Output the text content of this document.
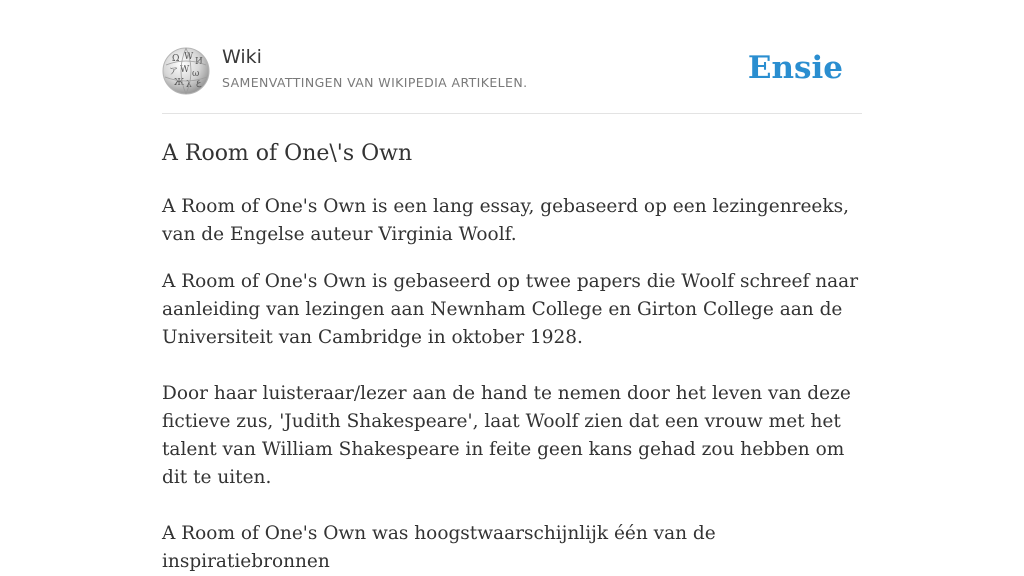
Ω W И
ア W ω
Ж λ ع
Wiki
SAMENVATTINGEN VAN WIKIPEDIA ARTIKELEN.	Ensie
A Room of One\'s Own

A Room of One's Own is een lang essay, gebaseerd op een lezingenreeks, van de Engelse auteur Virginia Woolf.

A Room of One's Own is gebaseerd op twee papers die Woolf schreef naar aanleiding van lezingen aan Newnham College en Girton College aan de Universiteit van Cambridge in oktober 1928.

Door haar luisteraar/lezer aan de hand te nemen door het leven van deze fictieve zus, 'Judith Shakespeare', laat Woolf zien dat een vrouw met het talent van William Shakespeare in feite geen kans gehad zou hebben om dit te uiten.

A Room of One's Own was hoogstwaarschijnlijk één van de inspiratiebronnen
